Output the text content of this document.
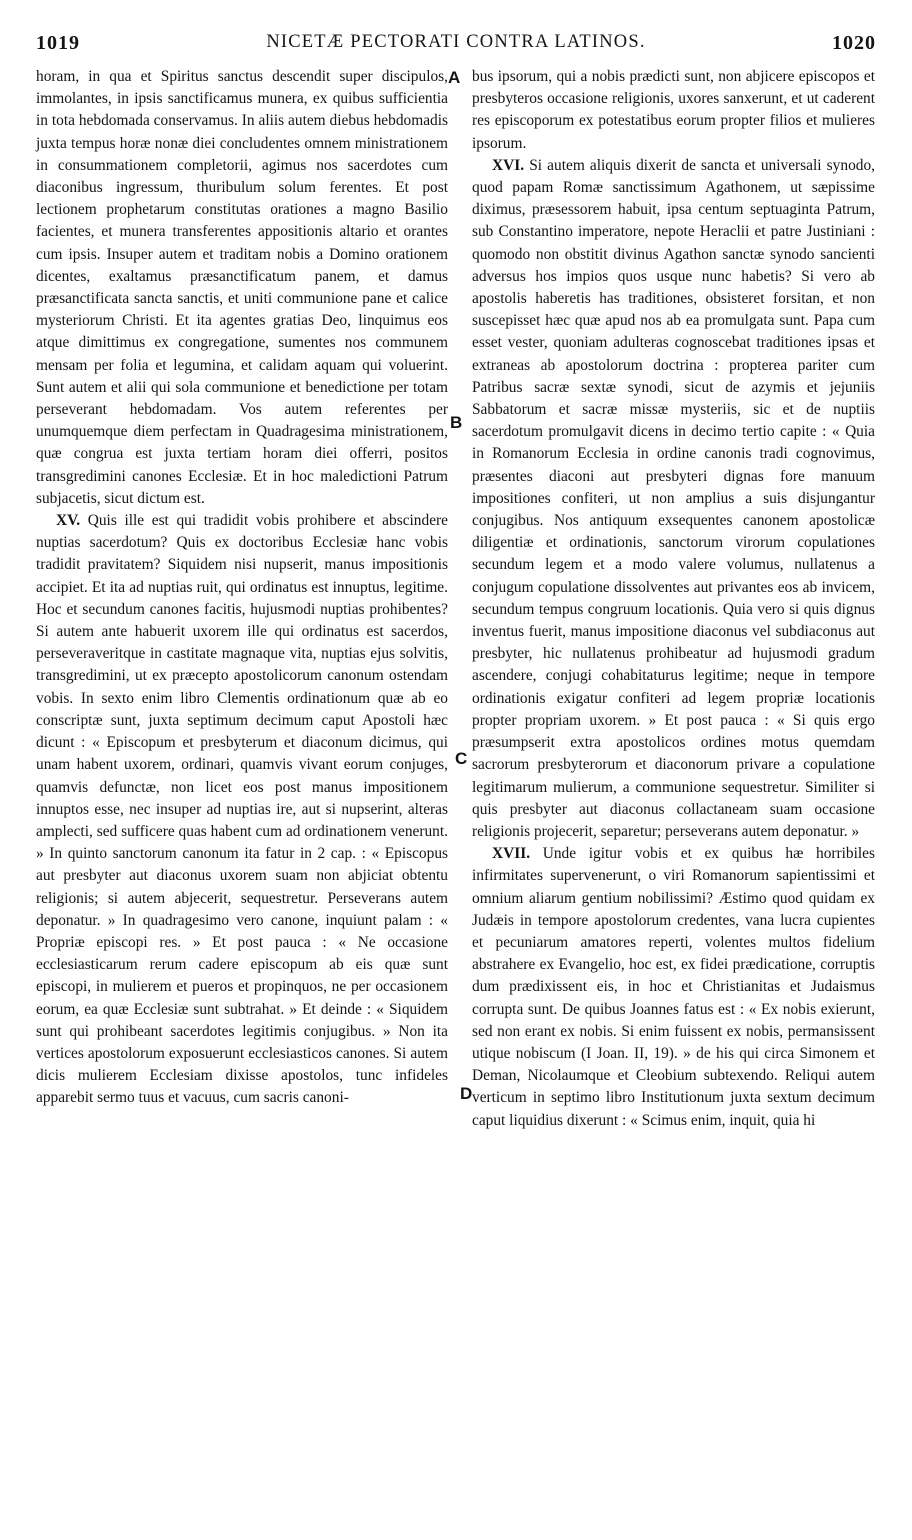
1019	NICETÆ PECTORATI CONTRA LATINOS.	1020

horam, in qua et Spiritus sanctus descendit super discipulos, immolantes, in ipsis sanctificamus munera, ex quibus sufficientia in tota hebdomada conservamus. In aliis autem diebus hebdomadis juxta tempus horæ nonæ diei concludentes omnem ministrationem in consummationem completorii, agimus nos sacerdotes cum diaconibus ingressum, thuribulum solum ferentes. Et post lectionem prophetarum constitutas orationes a magno Basilio facientes, et munera transferentes appositionis altario et orantes cum ipsis. Insuper autem et traditam nobis a Domino orationem dicentes, exaltamus præsanctificatum panem, et damus præsanctificata sancta sanctis, et uniti communione pane et calice mysteriorum Christi. Et ita agentes gratias Deo, linquimus eos atque dimittimus ex congregatione, sumentes nos communem mensam per folia et legumina, et calidam aquam qui voluerint. Sunt autem et alii qui sola communione et benedictione per totam perseverant hebdomadam. Vos autem referentes per unumquemque diem perfectam in Quadragesima ministrationem, quæ congrua est juxta tertiam horam diei offerri, positos transgredimini canones Ecclesiæ. Et in hoc maledictioni Patrum subjacetis, sicut dictum est.

XV. Quis ille est qui tradidit vobis prohibere et abscindere nuptias sacerdotum? Quis ex doctoribus Ecclesiæ hanc vobis tradidit pravitatem? Siquidem nisi nupserit, manus impositionis accipiet. Et ita ad nuptias ruit, qui ordinatus est innuptus, legitime. Hoc et secundum canones facitis, hujusmodi nuptias prohibentes? Si autem ante habuerit uxorem ille qui ordinatus est sacerdos, perseveraveritque in castitate magnaque vita, nuptias ejus solvitis, transgredimini, ut ex præcepto apostolicorum canonum ostendam vobis. In sexto enim libro Clementis ordinationum quæ ab eo conscriptæ sunt, juxta septimum decimum caput Apostoli hæc dicunt : « Episcopum et presbyterum et diaconum dicimus, qui unam habent uxorem, ordinari, quamvis vivant eorum conjuges, quamvis defunctæ, non licet eos post manus impositionem innuptos esse, nec insuper ad nuptias ire, aut si nupserint, alteras amplecti, sed sufficere quas habent cum ad ordinationem venerunt. » In quinto sanctorum canonum ita fatur in 2 cap. : « Episcopus aut presbyter aut diaconus uxorem suam non abjiciat obtentu religionis; si autem abjecerit, sequestretur. Perseverans autem deponatur. » In quadragesimo vero canone, inquiunt palam : « Propriæ episcopi res. » Et post pauca : « Ne occasione ecclesiasticarum rerum cadere episcopum ab eis quæ sunt episcopi, in mulierem et pueros et propinquos, ne per occasionem eorum, ea quæ Ecclesiæ sunt subtrahat. » Et deinde : « Siquidem sunt qui prohibeant sacerdotes legitimis conjugibus. » Non ita vertices apostolorum exposuerunt ecclesiasticos canones. Si autem dicis mulierem Ecclesiam dixisse apostolos, tunc infideles apparebit sermo tuus et vacuus, cum sacris canoni-

bus ipsorum, qui a nobis prædicti sunt, non abjicere episcopos et presbyteros occasione religionis, uxores sanxerunt, et ut caderent res episcoporum ex potestatibus eorum propter filios et mulieres ipsorum.

XVI. Si autem aliquis dixerit de sancta et universali synodo, quod papam Romæ sanctissimum Agathonem, ut sæpissime diximus, præsessorem habuit, ipsa centum septuaginta Patrum, sub Constantino imperatore, nepote Heraclii et patre Justiniani : quomodo non obstitit divinus Agathon sanctæ synodo sancienti adversus hos impios quos usque nunc habetis? Si vero ab apostolis haberetis has traditiones, obsisteret forsitan, et non suscepisset hæc quæ apud nos ab ea promulgata sunt. Papa cum esset vester, quoniam adulteras cognoscebat traditiones ipsas et extraneas ab apostolorum doctrina : propterea pariter cum Patribus sacræ sextæ synodi, sicut de azymis et jejuniis Sabbatorum et sacræ missæ mysteriis, sic et de nuptiis sacerdotum promulgavit dicens in decimo tertio capite : « Quia in Romanorum Ecclesia in ordine canonis tradi cognovimus, præsentes diaconi aut presbyteri dignas fore manuum impositiones confiteri, ut non amplius a suis disjungantur conjugibus. Nos antiquum exsequentes canonem apostolicæ diligentiæ et ordinationis, sanctorum virorum copulationes secundum legem et a modo valere volumus, nullatenus a conjugum copulatione dissolventes aut privantes eos ab invicem, secundum tempus congruum locationis. Quia vero si quis dignus inventus fuerit, manus impositione diaconus vel subdiaconus aut presbyter, hic nullatenus prohibeatur ad hujusmodi gradum ascendere, conjugi cohabitaturus legitime; neque in tempore ordinationis exigatur confiteri ad legem propriæ locationis propter propriam uxorem. » Et post pauca : « Si quis ergo præsumpserit extra apostolicos ordines motus quemdam sacrorum presbyterorum et diaconorum privare a copulatione legitimarum mulierum, a communione sequestretur. Similiter si quis presbyter aut diaconus collactaneam suam occasione religionis projecerit, separetur; perseverans autem deponatur. »

XVII. Unde igitur vobis et ex quibus hæ horribiles infirmitates supervenerunt, o viri Romanorum sapientissimi et omnium aliarum gentium nobilissimi? Æstimo quod quidam ex Judæis in tempore apostolorum credentes, vana lucra cupientes et pecuniarum amatores reperti, volentes multos fidelium abstrahere ex Evangelio, hoc est, ex fidei prædicatione, corruptis dum prædixissent eis, in hoc et Christianitas et Judaismus corrupta sunt. De quibus Joannes fatus est : « Ex nobis exierunt, sed non erant ex nobis. Si enim fuissent ex nobis, permansissent utique nobiscum (I Joan. II, 19). » de his qui circa Simonem et Deman, Nicolaumque et Cleobium subtexendo. Reliqui autem verticum in septimo libro Institutionum juxta sextum decimum caput liquidius dixerunt : « Scimus enim, inquit, quia hi

A
B
C
D
